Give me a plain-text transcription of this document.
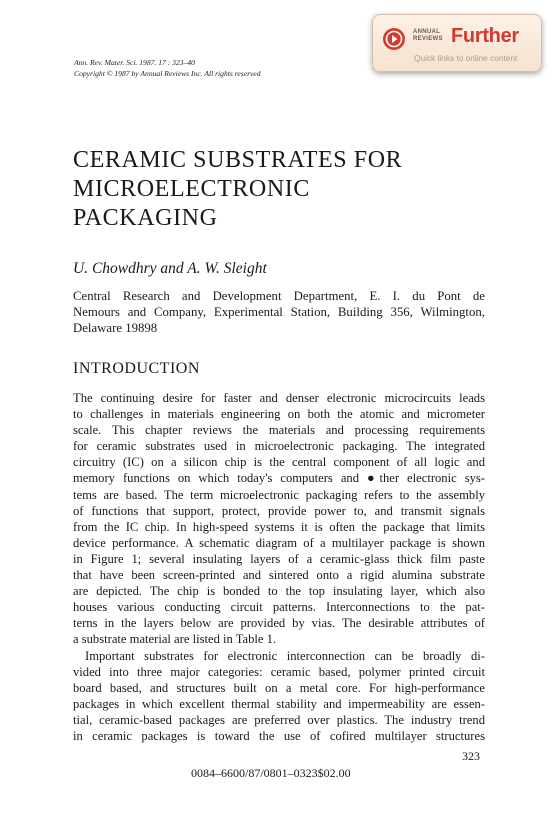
Ann. Rev. Mater. Sci. 1987. 17 : 323–40
Copyright © 1987 by Annual Reviews Inc. All rights reserved
ANNUAL
REVIEWS Further
Quick links to online content
CERAMIC SUBSTRATES FOR
MICROELECTRONIC
PACKAGING
U. Chowdhry and A. W. Sleight
Central Research and Development Department, E. I. du Pont de
Nemours and Company, Experimental Station, Building 356, Wilmington,
Delaware 19898
INTRODUCTION
The continuing desire for faster and denser electronic microcircuits leads
to challenges in materials engineering on both the atomic and micrometer
scale. This chapter reviews the materials and processing requirements
for ceramic substrates used in microelectronic packaging. The integrated
circuitry (IC) on a silicon chip is the central component of all logic and
memory functions on which today's computers and ●ther electronic sys-
tems are based. The term microelectronic packaging refers to the assembly
of functions that support, protect, provide power to, and transmit signals
from the IC chip. In high-speed systems it is often the package that limits
device performance. A schematic diagram of a multilayer package is shown
in Figure 1; several insulating layers of a ceramic-glass thick film paste
that have been screen-printed and sintered onto a rigid alumina substrate
are depicted. The chip is bonded to the top insulating layer, which also
houses various conducting circuit patterns. Interconnections to the pat-
terns in the layers below are provided by vias. The desirable attributes of
a substrate material are listed in Table 1.
Important substrates for electronic interconnection can be broadly di-
vided into three major categories: ceramic based, polymer printed circuit
board based, and structures built on a metal core. For high-performance
packages in which excellent thermal stability and impermeability are essen-
tial, ceramic-based packages are preferred over plastics. The industry trend
in ceramic packages is toward the use of cofired multilayer structures
323
0084–6600/87/0801–0323$02.00
